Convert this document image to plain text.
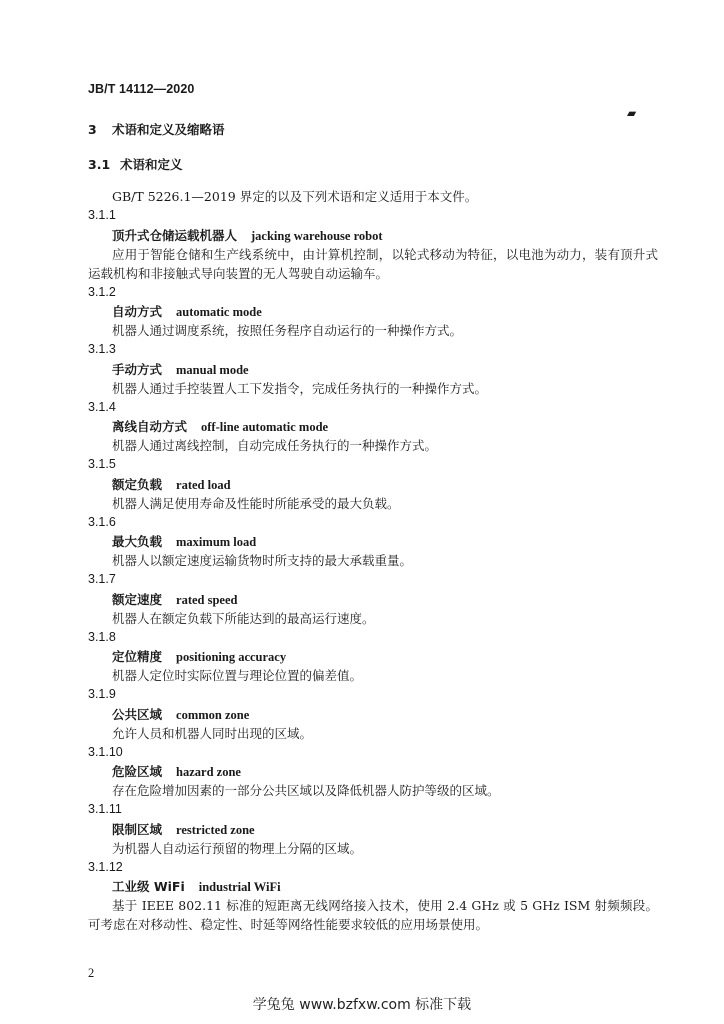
JB/T 14112—2020
▰
3 术语和定义及缩略语
3.1 术语和定义
GB/T 5226.1—2019 界定的以及下列术语和定义适用于本文件。
3.1.1
顶升式仓储运载机器人 jacking warehouse robot
应用于智能仓储和生产线系统中，由计算机控制，以轮式移动为特征，以电池为动力，装有顶升式运载机构和非接触式导向装置的无人驾驶自动运输车。
3.1.2
自动方式 automatic mode
机器人通过调度系统，按照任务程序自动运行的一种操作方式。
3.1.3
手动方式 manual mode
机器人通过手控装置人工下发指令，完成任务执行的一种操作方式。
3.1.4
离线自动方式 off-line automatic mode
机器人通过离线控制，自动完成任务执行的一种操作方式。
3.1.5
额定负载 rated load
机器人满足使用寿命及性能时所能承受的最大负载。
3.1.6
最大负载 maximum load
机器人以额定速度运输货物时所支持的最大承载重量。
3.1.7
额定速度 rated speed
机器人在额定负载下所能达到的最高运行速度。
3.1.8
定位精度 positioning accuracy
机器人定位时实际位置与理论位置的偏差值。
3.1.9
公共区域 common zone
允许人员和机器人同时出现的区域。
3.1.10
危险区域 hazard zone
存在危险增加因素的一部分公共区域以及降低机器人防护等级的区域。
3.1.11
限制区域 restricted zone
为机器人自动运行预留的物理上分隔的区域。
3.1.12
工业级 WiFi industrial WiFi
基于 IEEE 802.11 标准的短距离无线网络接入技术，使用 2.4 GHz 或 5 GHz ISM 射频频段。可考虑在对移动性、稳定性、时延等网络性能要求较低的应用场景使用。
2
学兔兔 www.bzfxw.com 标准下载
